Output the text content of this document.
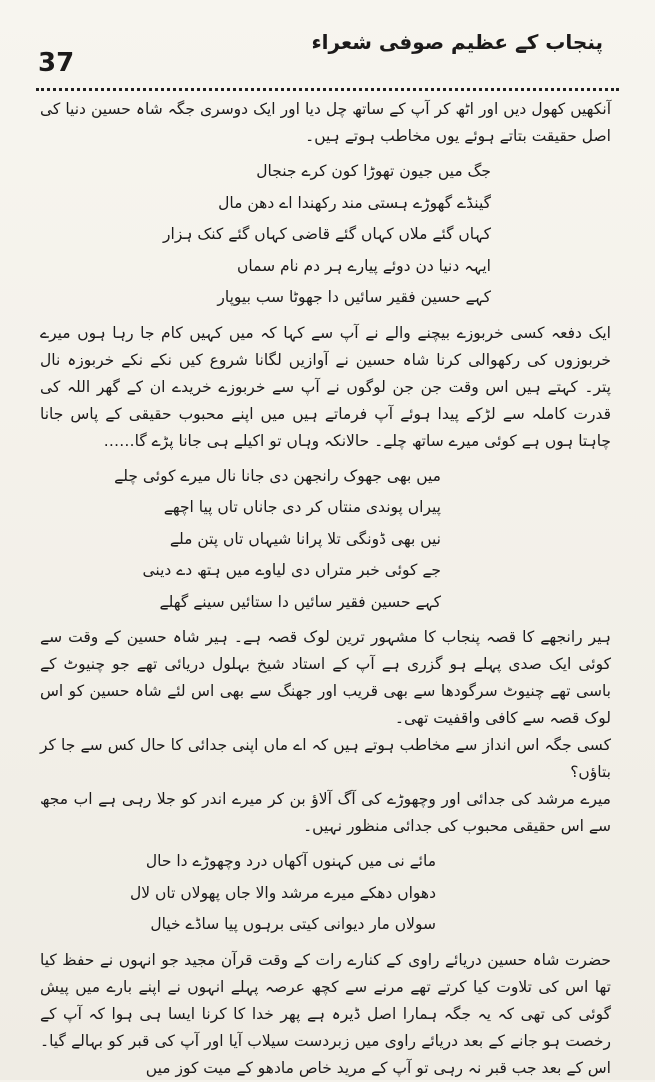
پنجاب کے عظیم صوفی شعراء
37

آنکھیں کھول دیں اور اٹھ کر آپ کے ساتھ چل دیا اور ایک دوسری جگہ شاہ حسین دنیا کی اصل حقیقت بتاتے ہوئے یوں مخاطب ہوتے ہیں۔

جگ میں جیون تھوڑا کون کرے جنجال

گینڈے گھوڑے ہستی مند رکھندا اے دھن مال

کہاں گئے ملاں کہاں گئے قاضی کہاں گئے کنک ہزار

ایہہ دنیا دن دوئے پیارے ہر دم نام سماں

کہے حسین فقیر سائیں دا جھوٹا سب بیوپار

ایک دفعہ کسی خربوزے بیچنے والے نے آپ سے کہا کہ میں کہیں کام جا رہا ہوں میرے خربوزوں کی رکھوالی کرنا شاہ حسین نے آوازیں لگانا شروع کیں نکے نکے خربوزہ نال پتر۔ کہتے ہیں اس وقت جن جن لوگوں نے آپ سے خربوزے خریدے ان کے گھر اللہ کی قدرت کاملہ سے لڑکے پیدا ہوئے آپ فرماتے ہیں میں اپنے محبوب حقیقی کے پاس جانا چاہتا ہوں ہے کوئی میرے ساتھ چلے۔ حالانکہ وہاں تو اکیلے ہی جانا پڑے گا……

میں بھی جھوک رانجھن دی جانا نال میرے کوئی چلے

پیراں پوندی منتاں کر دی جاناں تاں پیا اچھے

نیں بھی ڈونگی تلا پرانا شیہاں تاں پتن ملے

جے کوئی خبر متراں دی لیاوے میں ہتھ دے دینی

کہے حسین فقیر سائیں دا ستائیں سینے گھلے

ہیر رانجھے کا قصہ پنجاب کا مشہور ترین لوک قصہ ہے۔ ہیر شاہ حسین کے وقت سے کوئی ایک صدی پہلے ہو گزری ہے آپ کے استاد شیخ بہلول دریائی تھے جو چنیوٹ کے باسی تھے چنیوٹ سرگودھا سے بھی قریب اور جھنگ سے بھی اس لئے شاہ حسین کو اس لوک قصہ سے کافی واقفیت تھی۔

کسی جگہ اس انداز سے مخاطب ہوتے ہیں کہ اے ماں اپنی جدائی کا حال کس سے جا کر بتاؤں؟

میرے مرشد کی جدائی اور وچھوڑے کی آگ آلاؤ بن کر میرے اندر کو جلا رہی ہے اب مجھ سے اس حقیقی محبوب کی جدائی منظور نہیں۔

مائے نی میں کہنوں آکھاں درد وچھوڑے دا حال

دھواں دھکے میرے مرشد والا جاں پھولاں تاں لال

سولاں مار دیوانی کیتی برہوں پیا ساڈے خیال

حضرت شاہ حسین دریائے راوی کے کنارے رات کے وقت قرآن مجید جو انہوں نے حفظ کیا تھا اس کی تلاوت کیا کرتے تھے مرنے سے کچھ عرصہ پہلے انہوں نے اپنے بارے میں پیش گوئی کی تھی کہ یہ جگہ ہمارا اصل ڈیرہ ہے پھر خدا کا کرنا ایسا ہی ہوا کہ آپ کے رخصت ہو جانے کے بعد دریائے راوی میں زبردست سیلاب آیا اور آپ کی قبر کو بہالے گیا۔ اس کے بعد جب قبر نہ رہی تو آپ کے مرید خاص مادھو کے میت کوز میں
